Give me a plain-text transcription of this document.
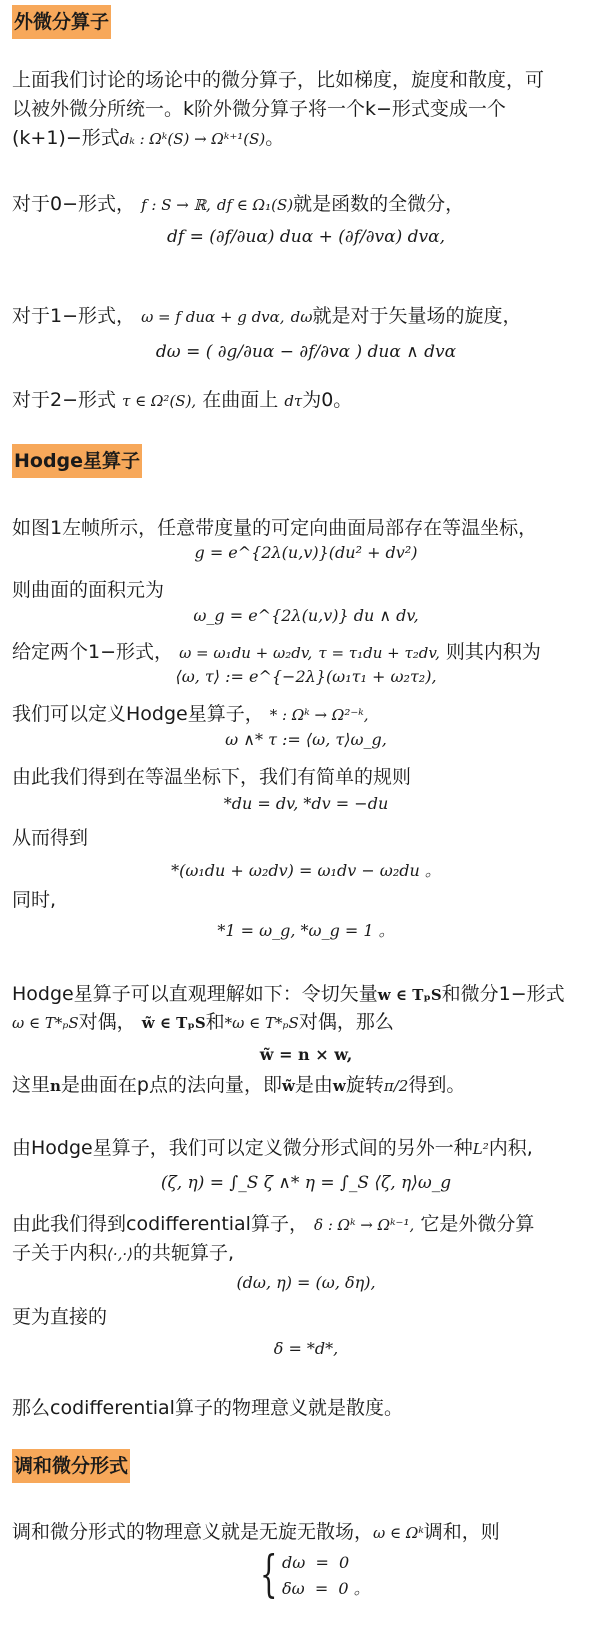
外微分算子

上面我们讨论的场论中的微分算子，比如梯度，旋度和散度，可

以被外微分所统一。k阶外微分算子将一个k−形式变成一个

(k+1)−形式dₖ : Ωᵏ(S) → Ωᵏ⁺¹(S)。

对于0−形式， f : S → ℝ, df ∈ Ω₁(S)就是函数的全微分，

df = (∂f/∂uα) duα + (∂f/∂vα) dvα,

对于1−形式， ω = f duα + g dvα, dω就是对于矢量场的旋度，

dω = ( ∂g/∂uα − ∂f/∂vα ) duα ∧ dvα

对于2−形式 τ ∈ Ω²(S), 在曲面上 dτ为0。

Hodge星算子

如图1左帧所示，任意带度量的可定向曲面局部存在等温坐标，

g = e^{2λ(u,v)}(du² + dv²)

则曲面的面积元为

ω_g = e^{2λ(u,v)} du ∧ dv,

给定两个1−形式， ω = ω₁du + ω₂dv, τ = τ₁du + τ₂dv, 则其内积为

⟨ω, τ⟩ := e^{−2λ}(ω₁τ₁ + ω₂τ₂),

我们可以定义Hodge星算子， * : Ωᵏ → Ω²⁻ᵏ,

ω ∧* τ := ⟨ω, τ⟩ω_g,

由此我们得到在等温坐标下，我们有简单的规则

*du = dv, *dv = −du

从而得到

*(ω₁du + ω₂dv) = ω₁dv − ω₂du 。

同时,

*1 = ω_g, *ω_g = 1 。

Hodge星算子可以直观理解如下：令切矢量w ∈ TₚS和微分1−形式

ω ∈ T*ₚS对偶， w̃ ∈ TₚS和*ω ∈ T*ₚS对偶，那么

w̃ = n × w,

这里n是曲面在p点的法向量，即w̃是由w旋转π/2得到。

由Hodge星算子，我们可以定义微分形式间的另外一种L²内积,

(ζ, η) = ∫_S ζ ∧* η = ∫_S ⟨ζ, η⟩ω_g

由此我们得到codifferential算子， δ : Ωᵏ → Ωᵏ⁻¹, 它是外微分算

子关于内积⟨·,·⟩的共轭算子,

(dω, η) = (ω, δη),

更为直接的

δ = *d*,

那么codifferential算子的物理意义就是散度。

调和微分形式

调和微分形式的物理意义就是无旋无散场，ω ∈ Ωᵏ调和，则

{ dω  =  0
δω  =  0 。
